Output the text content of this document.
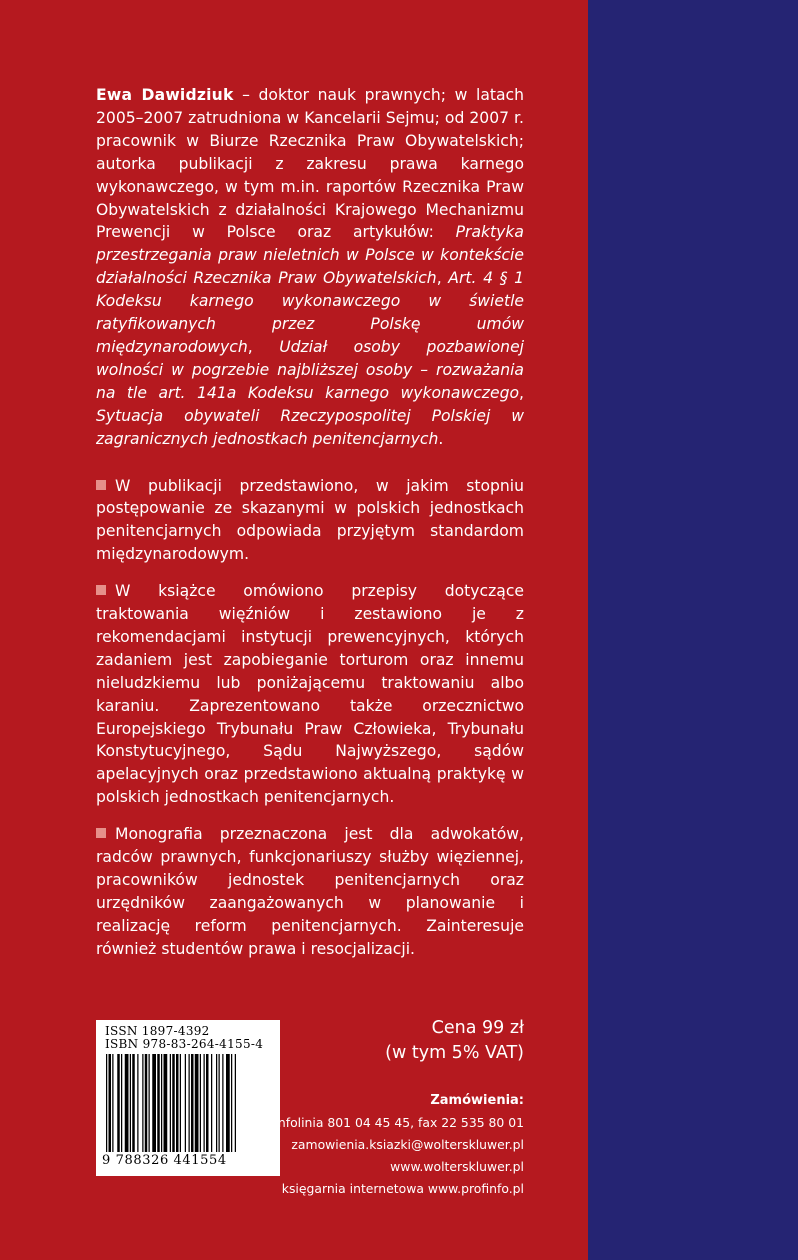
Ewa Dawidziuk – doktor nauk prawnych; w latach 2005–2007 zatrudniona w Kancelarii Sejmu; od 2007 r. pracownik w Biurze Rzecznika Praw Obywatelskich; autorka publikacji z zakresu prawa karnego wykonawczego, w tym m.in. raportów Rzecznika Praw Obywatelskich z działalności Krajowego Mechanizmu Prewencji w Polsce oraz artykułów: Praktyka przestrzegania praw nieletnich w Polsce w kontekście działalności Rzecznika Praw Obywatelskich, Art. 4 § 1 Kodeksu karnego wykonawczego w świetle ratyfikowanych przez Polskę umów międzynarodowych, Udział osoby pozbawionej wolności w pogrzebie najbliższej osoby – rozważania na tle art. 141a Kodeksu karnego wykonawczego, Sytuacja obywateli Rzeczypospolitej Polskiej w zagranicznych jednostkach penitencjarnych.

W publikacji przedstawiono, w jakim stopniu postępowanie ze skazanymi w polskich jednostkach penitencjarnych odpowiada przyjętym standardom międzynarodowym.

W książce omówiono przepisy dotyczące traktowania więźniów i zestawiono je z rekomendacjami instytucji prewencyjnych, których zadaniem jest zapobieganie torturom oraz innemu nieludzkiemu lub poniżającemu traktowaniu albo karaniu. Zaprezentowano także orzecznictwo Europejskiego Trybunału Praw Człowieka, Trybunału Konstytucyjnego, Sądu Najwyższego, sądów apelacyjnych oraz przedstawiono aktualną praktykę w polskich jednostkach penitencjarnych.

Monografia przeznaczona jest dla adwokatów, radców prawnych, funkcjonariuszy służby więziennej, pracowników jednostek penitencjarnych oraz urzędników zaangażowanych w planowanie i realizację reform penitencjarnych. Zainteresuje również studentów prawa i resocjalizacji.

ISSN 1897-4392
ISBN 978-83-264-4155-4
9 788326 441554
Cena 99 zł
(w tym 5% VAT)
Zamówienia:
infolinia 801 04 45 45, fax 22 535 80 01
zamowienia.ksiazki@wolterskluwer.pl
www.wolterskluwer.pl
księgarnia internetowa www.profinfo.pl
